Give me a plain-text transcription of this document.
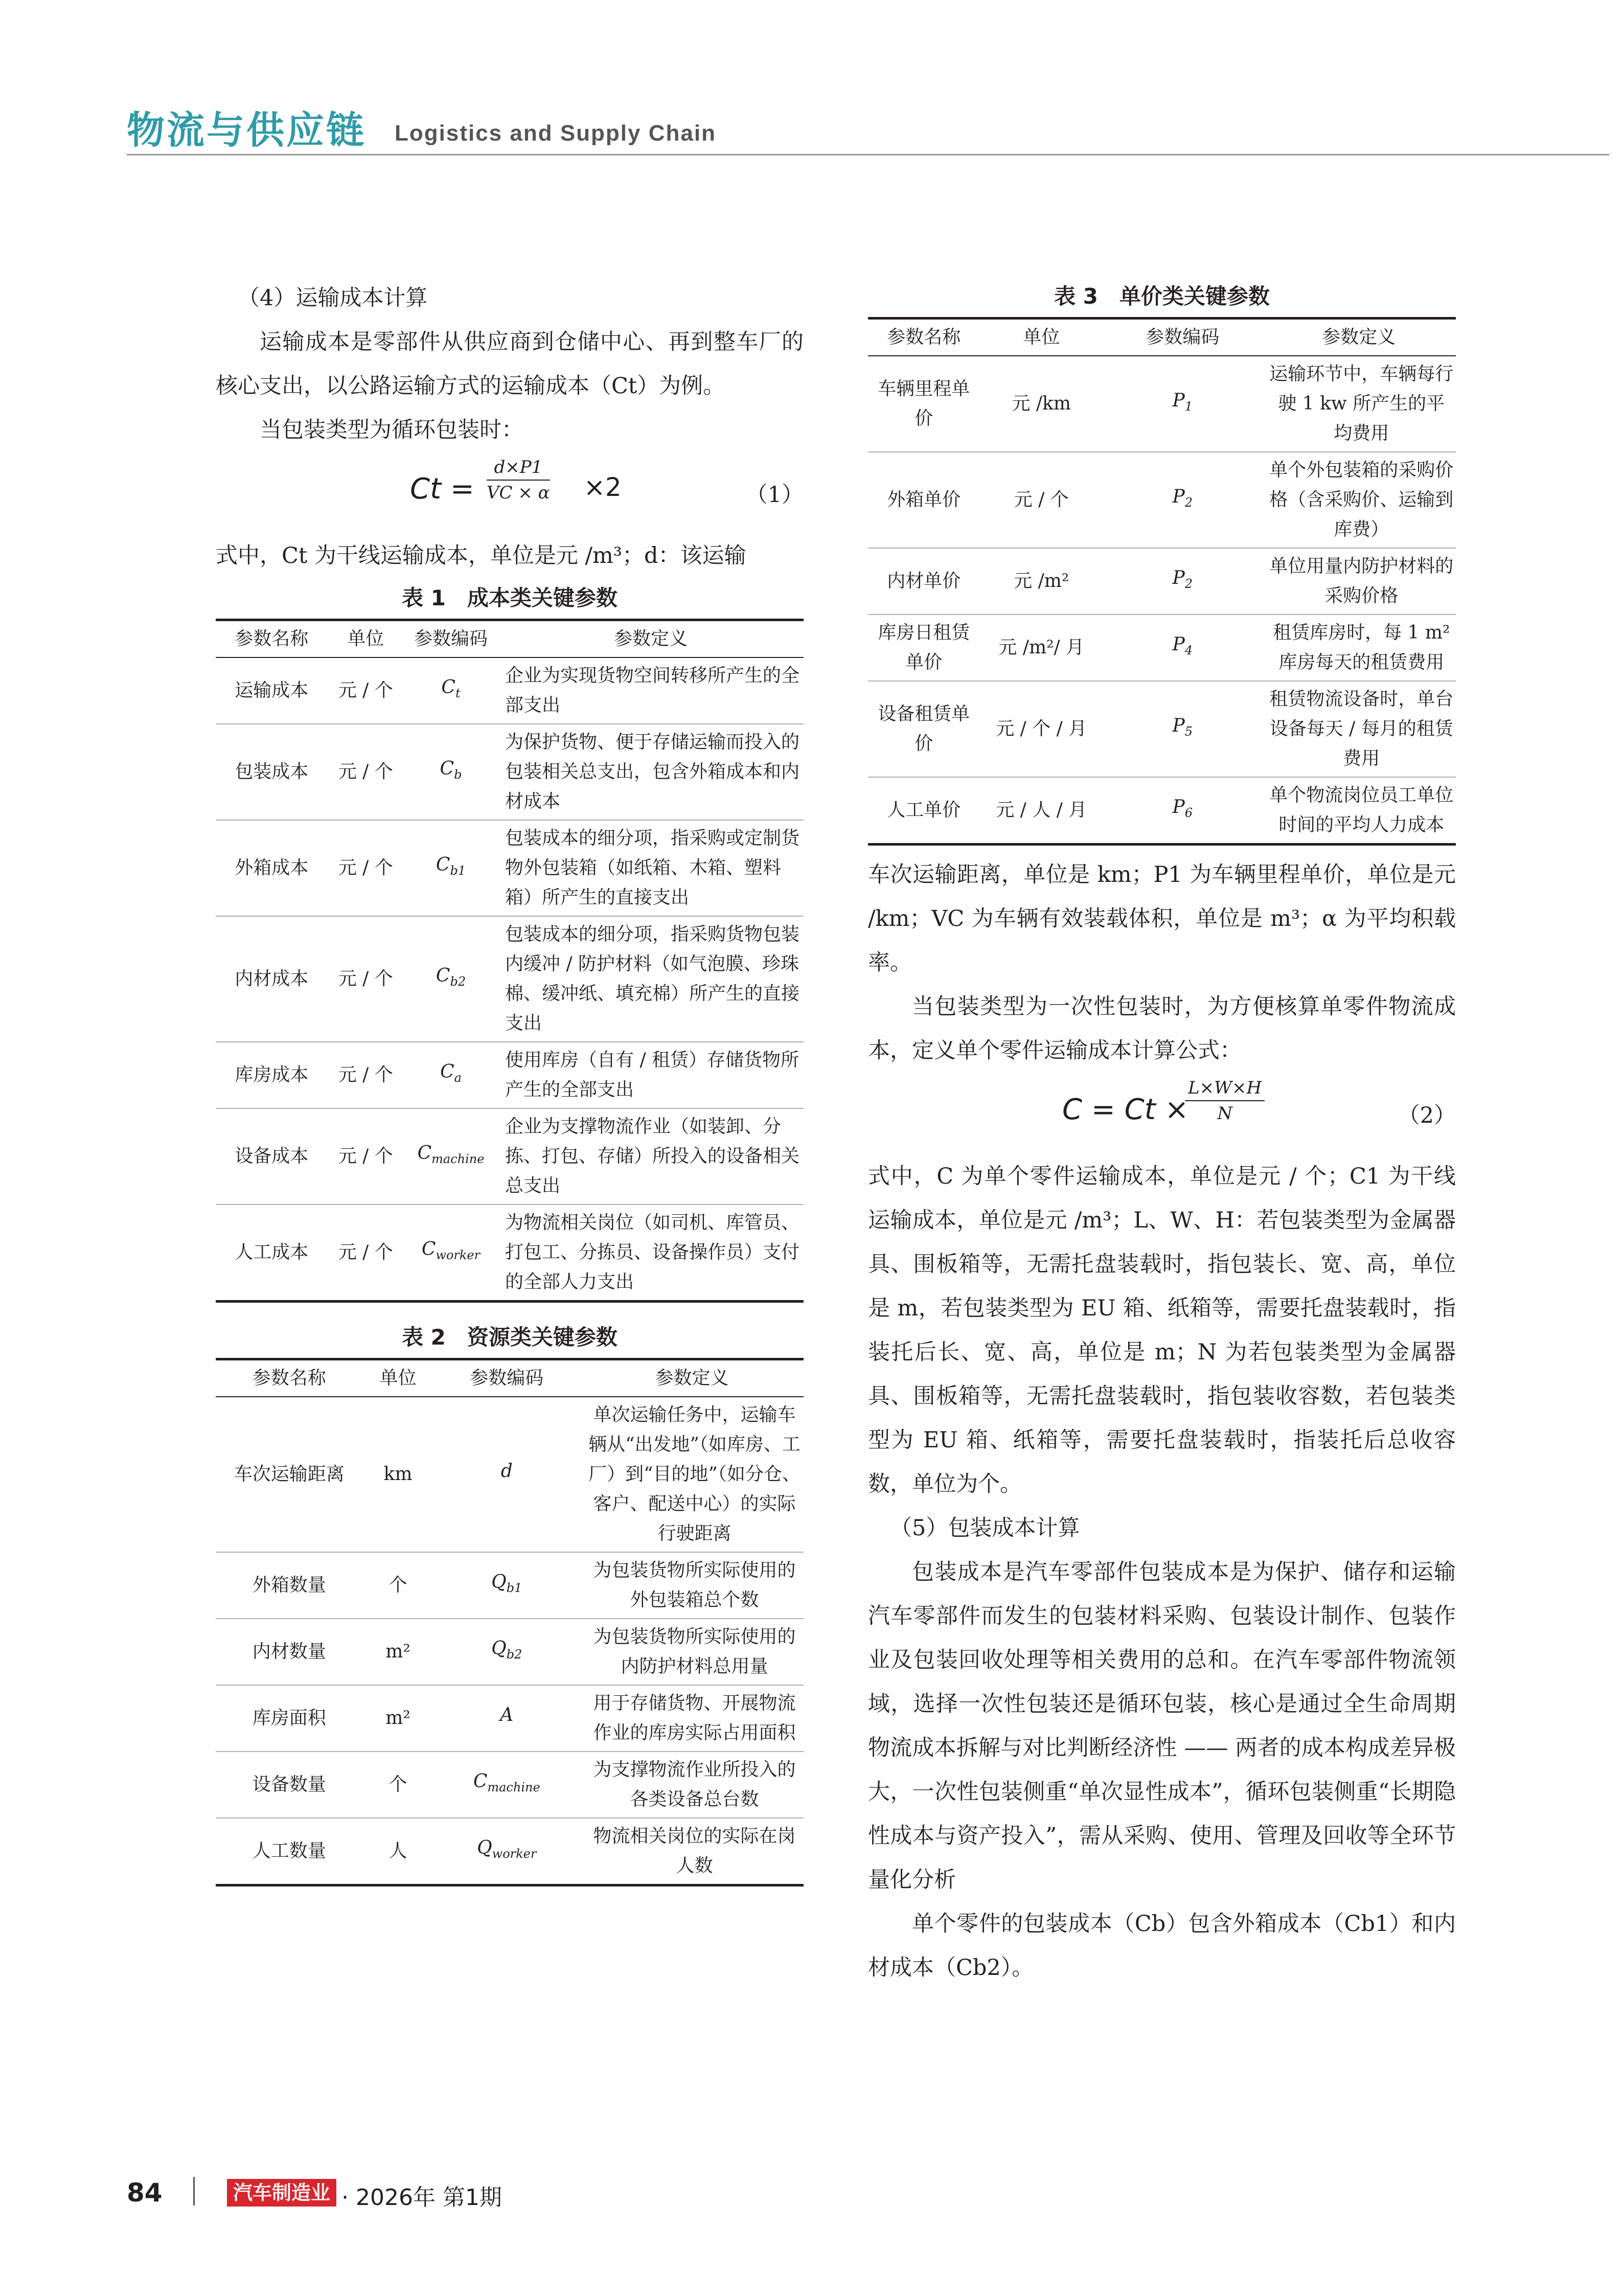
物流与供应链 Logistics and Supply Chain

（4）运输成本计算

运输成本是零部件从供应商到仓储中心、再到整车厂的核心支出，以公路运输方式的运输成本（Ct）为例。

当包装类型为循环包装时：

$Ct = \frac{d\times P1}{VC \times \alpha} \times 2$	（1）

式中，Ct 为干线运输成本，单位是元 /m³；d：该运输

表 1　成本类关键参数

参数名称	单位	参数编码	参数定义
运输成本	元 / 个	$C_t$	企业为实现货物空间转移所产生的全部支出
包装成本	元 / 个	$C_b$	为保护货物、便于存储运输而投入的包装相关总支出，包含外箱成本和内材成本
外箱成本	元 / 个	$C_{b1}$	包装成本的细分项，指采购或定制货物外包装箱（如纸箱、木箱、塑料箱）所产生的直接支出
内材成本	元 / 个	$C_{b2}$	包装成本的细分项，指采购货物包装内缓冲 / 防护材料（如气泡膜、珍珠棉、缓冲纸、填充棉）所产生的直接支出
库房成本	元 / 个	$C_a$	使用库房（自有 / 租赁）存储货物所产生的全部支出
设备成本	元 / 个	$C_{machine}$	企业为支撑物流作业（如装卸、分拣、打包、存储）所投入的设备相关总支出
人工成本	元 / 个	$C_{worker}$	为物流相关岗位（如司机、库管员、打包工、分拣员、设备操作员）支付的全部人力支出

表 2　资源类关键参数

参数名称	单位	参数编码	参数定义
车次运输距离	km	d	单次运输任务中，运输车辆从“出发地”（如库房、工厂）到“目的地”（如分仓、客户、配送中心）的实际行驶距离
外箱数量	个	$Q_{b1}$	为包装货物所实际使用的外包装箱总个数
内材数量	m²	$Q_{b2}$	为包装货物所实际使用的内防护材料总用量
库房面积	m²	A	用于存储货物、开展物流作业的库房实际占用面积
设备数量	个	$C_{machine}$	为支撑物流作业所投入的各类设备总台数
人工数量	人	$Q_{worker}$	物流相关岗位的实际在岗人数

表 3　单价类关键参数

参数名称	单位	参数编码	参数定义
车辆里程单价	元 /km	$P_1$	运输环节中，车辆每行驶 1 kw 所产生的平均费用
外箱单价	元 / 个	$P_2$	单个外包装箱的采购价格（含采购价、运输到库费）
内材单价	元 /m²	$P_2$	单位用量内防护材料的采购价格
库房日租赁单价	元 /m²/ 月	$P_4$	租赁库房时，每 1 m² 库房每天的租赁费用
设备租赁单价	元 / 个 / 月	$P_5$	租赁物流设备时，单台设备每天 / 每月的租赁费用
人工单价	元 / 人 / 月	$P_6$	单个物流岗位员工单位时间的平均人力成本

车次运输距离，单位是 km；P1 为车辆里程单价，单位是元 /km；VC 为车辆有效装载体积，单位是 m³；α 为平均积载率。

当包装类型为一次性包装时，为方便核算单零件物流成本，定义单个零件运输成本计算公式：

C = Ct ×
$\frac{L\times W\times H}{N}$	（2）

式中，C 为单个零件运输成本，单位是元 / 个；C1 为干线运输成本，单位是元 /m³；L、W、H：若包装类型为金属器具、围板箱等，无需托盘装载时，指包装长、宽、高，单位是 m，若包装类型为 EU 箱、纸箱等，需要托盘装载时，指装托后长、宽、高，单位是 m；N 为若包装类型为金属器具、围板箱等，无需托盘装载时，指包装收容数，若包装类型为 EU 箱、纸箱等，需要托盘装载时，指装托后总收容数，单位为个。

（5）包装成本计算

包装成本是汽车零部件包装成本是为保护、储存和运输汽车零部件而发生的包装材料采购、包装设计制作、包装作业及包装回收处理等相关费用的总和。在汽车零部件物流领域，选择一次性包装还是循环包装，核心是通过全生命周期物流成本拆解与对比判断经济性 —— 两者的成本构成差异极大，一次性包装侧重“单次显性成本”，循环包装侧重“长期隐性成本与资产投入”，需从采购、使用、管理及回收等全环节量化分析

单个零件的包装成本（Cb）包含外箱成本（Cb1）和内材成本（Cb2）。

84	汽车制造业 · 2026年 第1期
